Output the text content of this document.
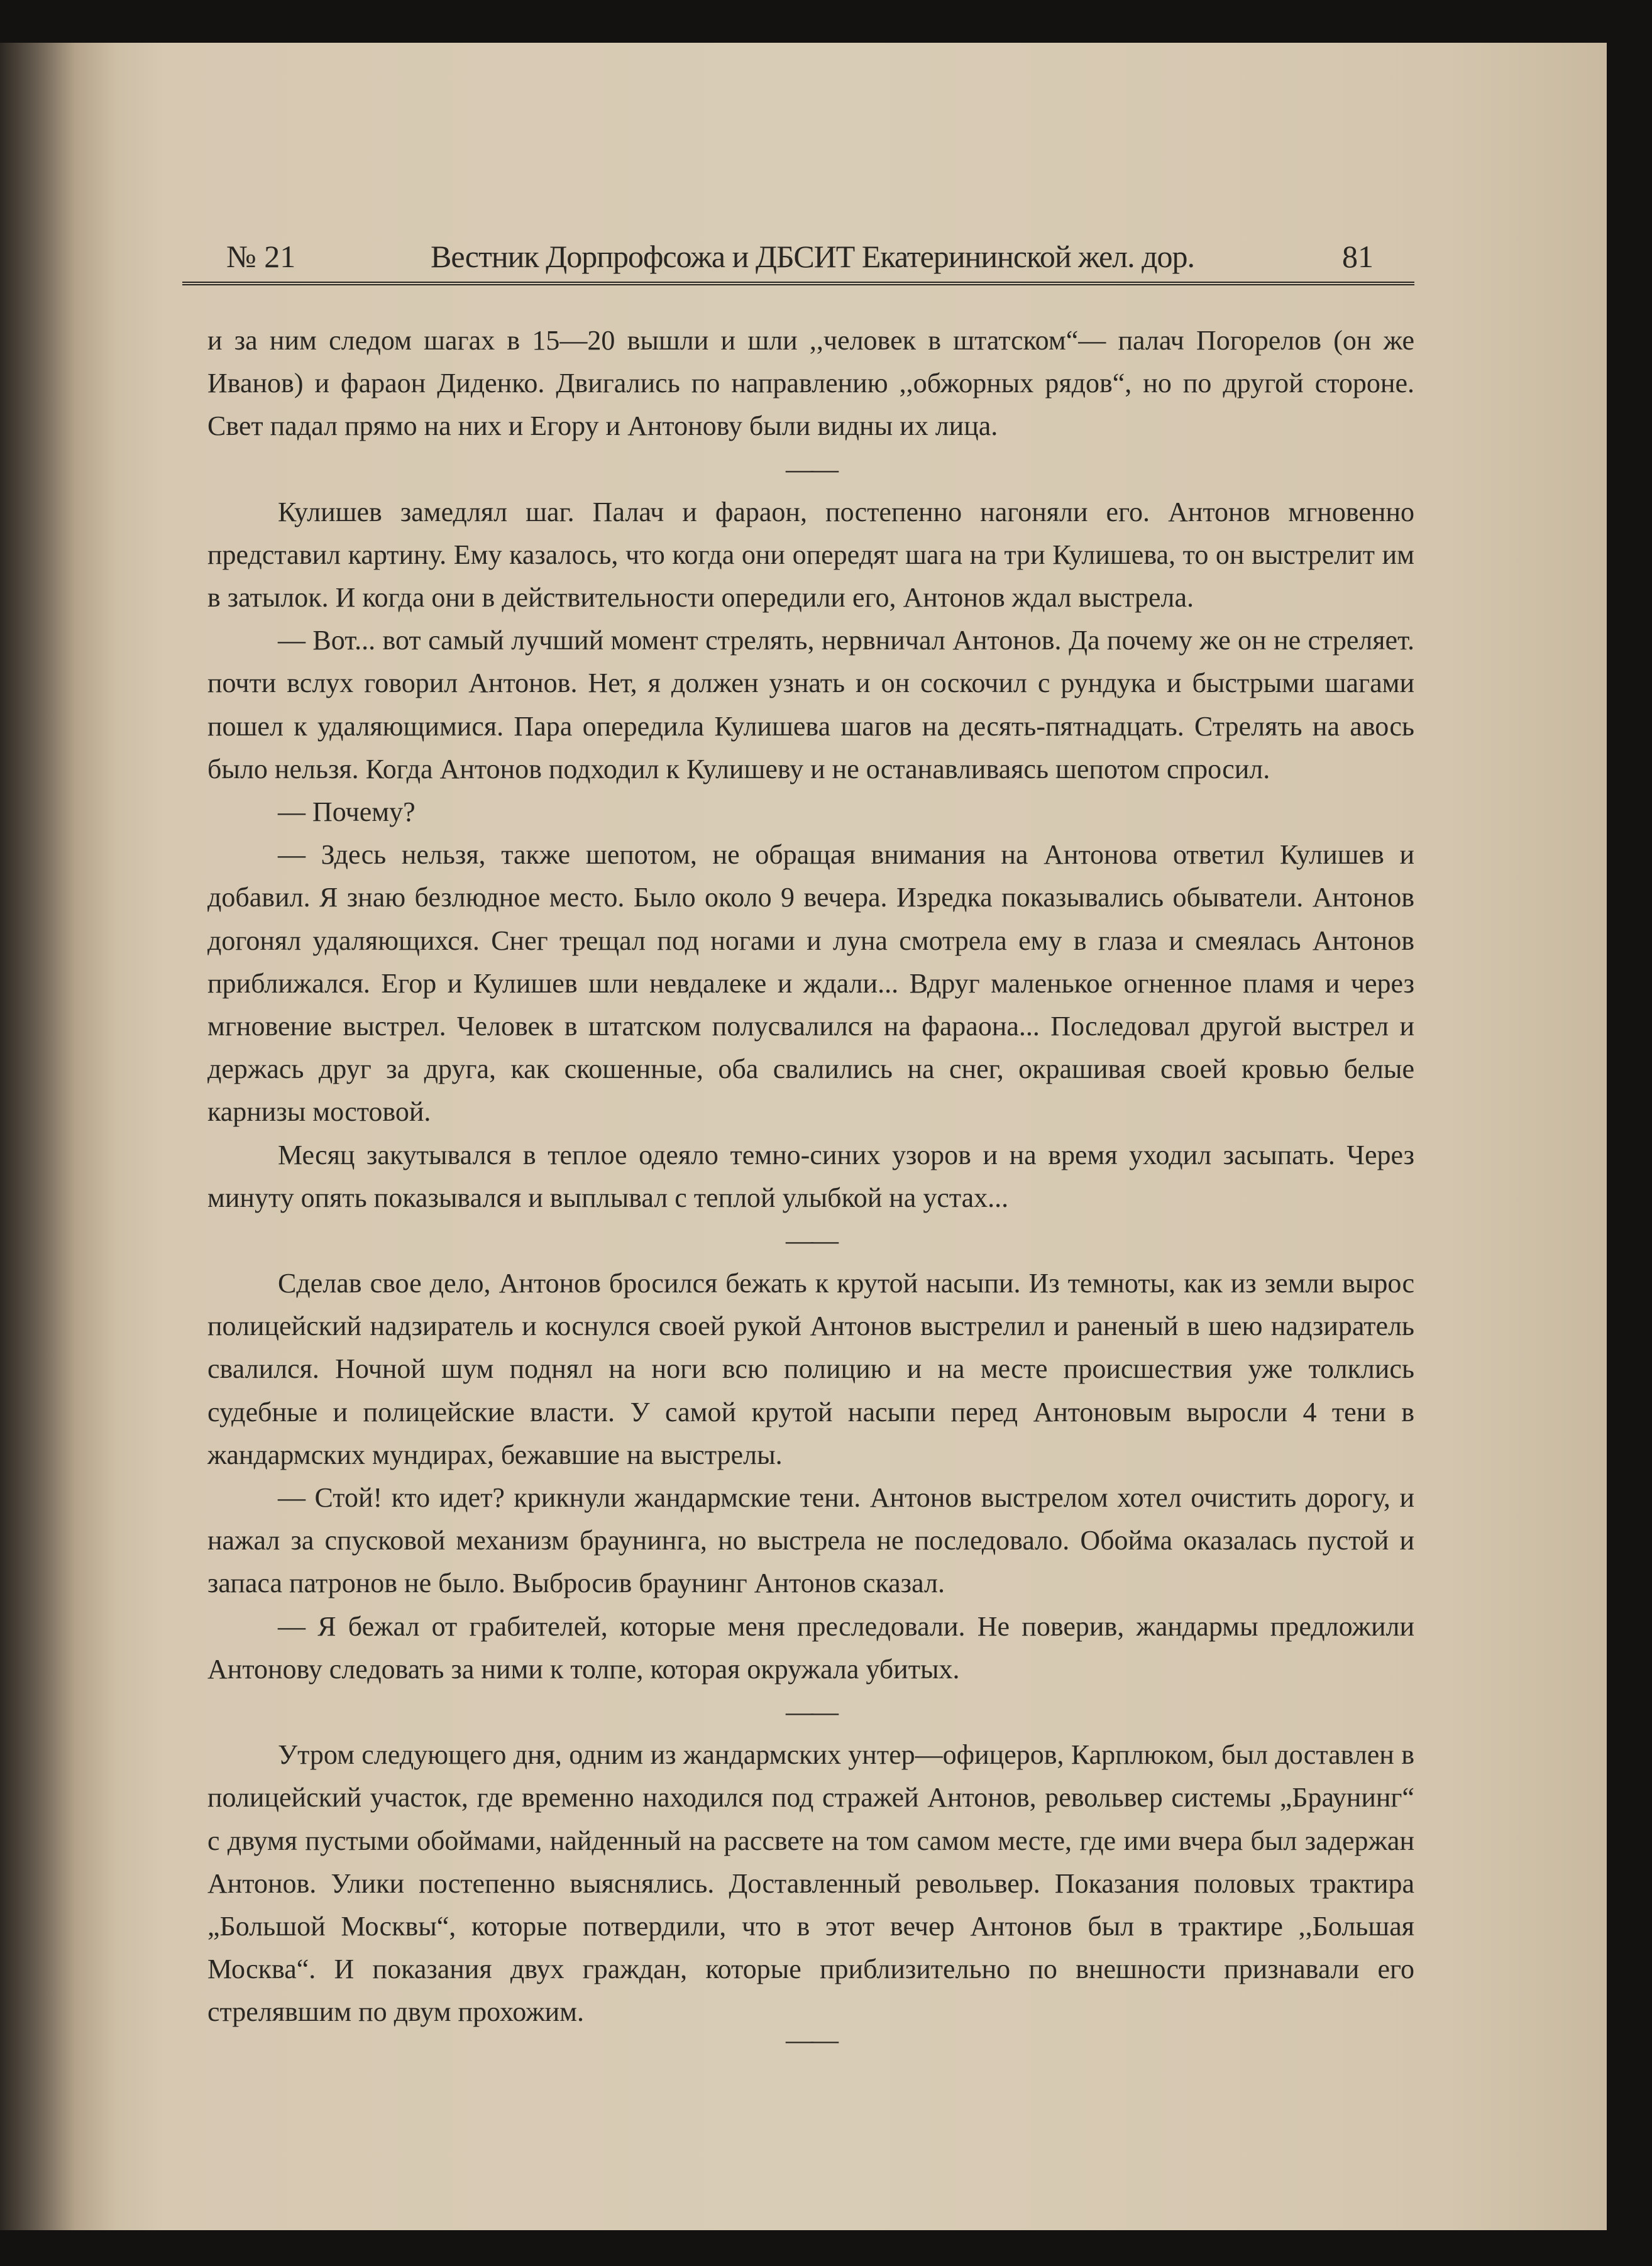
№ 21	Вестник Дорпрофсожа и ДБСИТ Екатерининской жел. дор.	81

и за ним следом шагах в 15—20 вышли и шли ,,человек в штатском“— палач Погорелов (он же Иванов) и фараон Диденко. Двигались по направлению ,,обжорных рядов“, но по другой стороне. Свет падал прямо на них и Егору и Антонову были видны их лица.

——

Кулишев замедлял шаг. Палач и фараон, постепенно нагоняли его. Антонов мгновенно представил картину. Ему казалось, что когда они опередят шага на три Кулишева, то он выстрелит им в затылок. И когда они в действительности опередили его, Антонов ждал выстрела.

— Вот... вот самый лучший момент стрелять, нервничал Антонов. Да почему же он не стреляет. почти вслух говорил Антонов. Нет, я должен узнать и он соскочил с рундука и быстрыми шагами пошел к удаляющимися. Пара опередила Кулишева шагов на десять-пятнадцать. Стрелять на авось было нельзя. Когда Антонов подходил к Кулишеву и не останавливаясь шепотом спросил.

— Почему?

— Здесь нельзя, также шепотом, не обращая внимания на Антонова ответил Кулишев и добавил. Я знаю безлюдное место. Было около 9 вечера. Изредка показывались обыватели. Антонов догонял удаляющихся. Снег трещал под ногами и луна смотрела ему в глаза и смеялась Антонов приближался. Егор и Кулишев шли невдалеке и ждали... Вдруг маленькое огненное пламя и через мгновение выстрел. Человек в штатском полусвалился на фараона... Последовал другой выстрел и держась друг за друга, как скошенные, оба свалились на снег, окрашивая своей кровью белые карнизы мостовой.

Месяц закутывался в теплое одеяло темно-синих узоров и на время уходил засыпать. Через минуту опять показывался и выплывал с теплой улыбкой на устах...

——

Сделав свое дело, Антонов бросился бежать к крутой насыпи. Из темноты, как из земли вырос полицейский надзиратель и коснулся своей рукой Антонов выстрелил и раненый в шею надзиратель свалился. Ночной шум поднял на ноги всю полицию и на месте происшествия уже толклись судебные и полицейские власти. У самой крутой насыпи перед Антоновым выросли 4 тени в жандармских мундирах, бежавшие на выстрелы.

— Стой! кто идет? крикнули жандармские тени. Антонов выстрелом хотел очистить дорогу, и нажал за спусковой механизм браунинга, но выстрела не последовало. Обойма оказалась пустой и запаса патронов не было. Выбросив браунинг Антонов сказал.

— Я бежал от грабителей, которые меня преследовали. Не поверив, жандармы предложили Антонову следовать за ними к толпе, которая окружала убитых.

——

Утром следующего дня, одним из жандармских унтер—офицеров, Карплюком, был доставлен в полицейский участок, где временно находился под стражей Антонов, револьвер системы „Браунинг“ с двумя пустыми обоймами, найденный на рассвете на том самом месте, где ими вчера был задержан Антонов. Улики постепенно выяснялись. Доставленный револьвер. Показания половых трактира „Большой Москвы“, которые потвердили, что в этот вечер Антонов был в трактире ,,Большая Москва“. И показания двух граждан, которые приблизительно по внешности признавали его стрелявшим по двум прохожим.

——
